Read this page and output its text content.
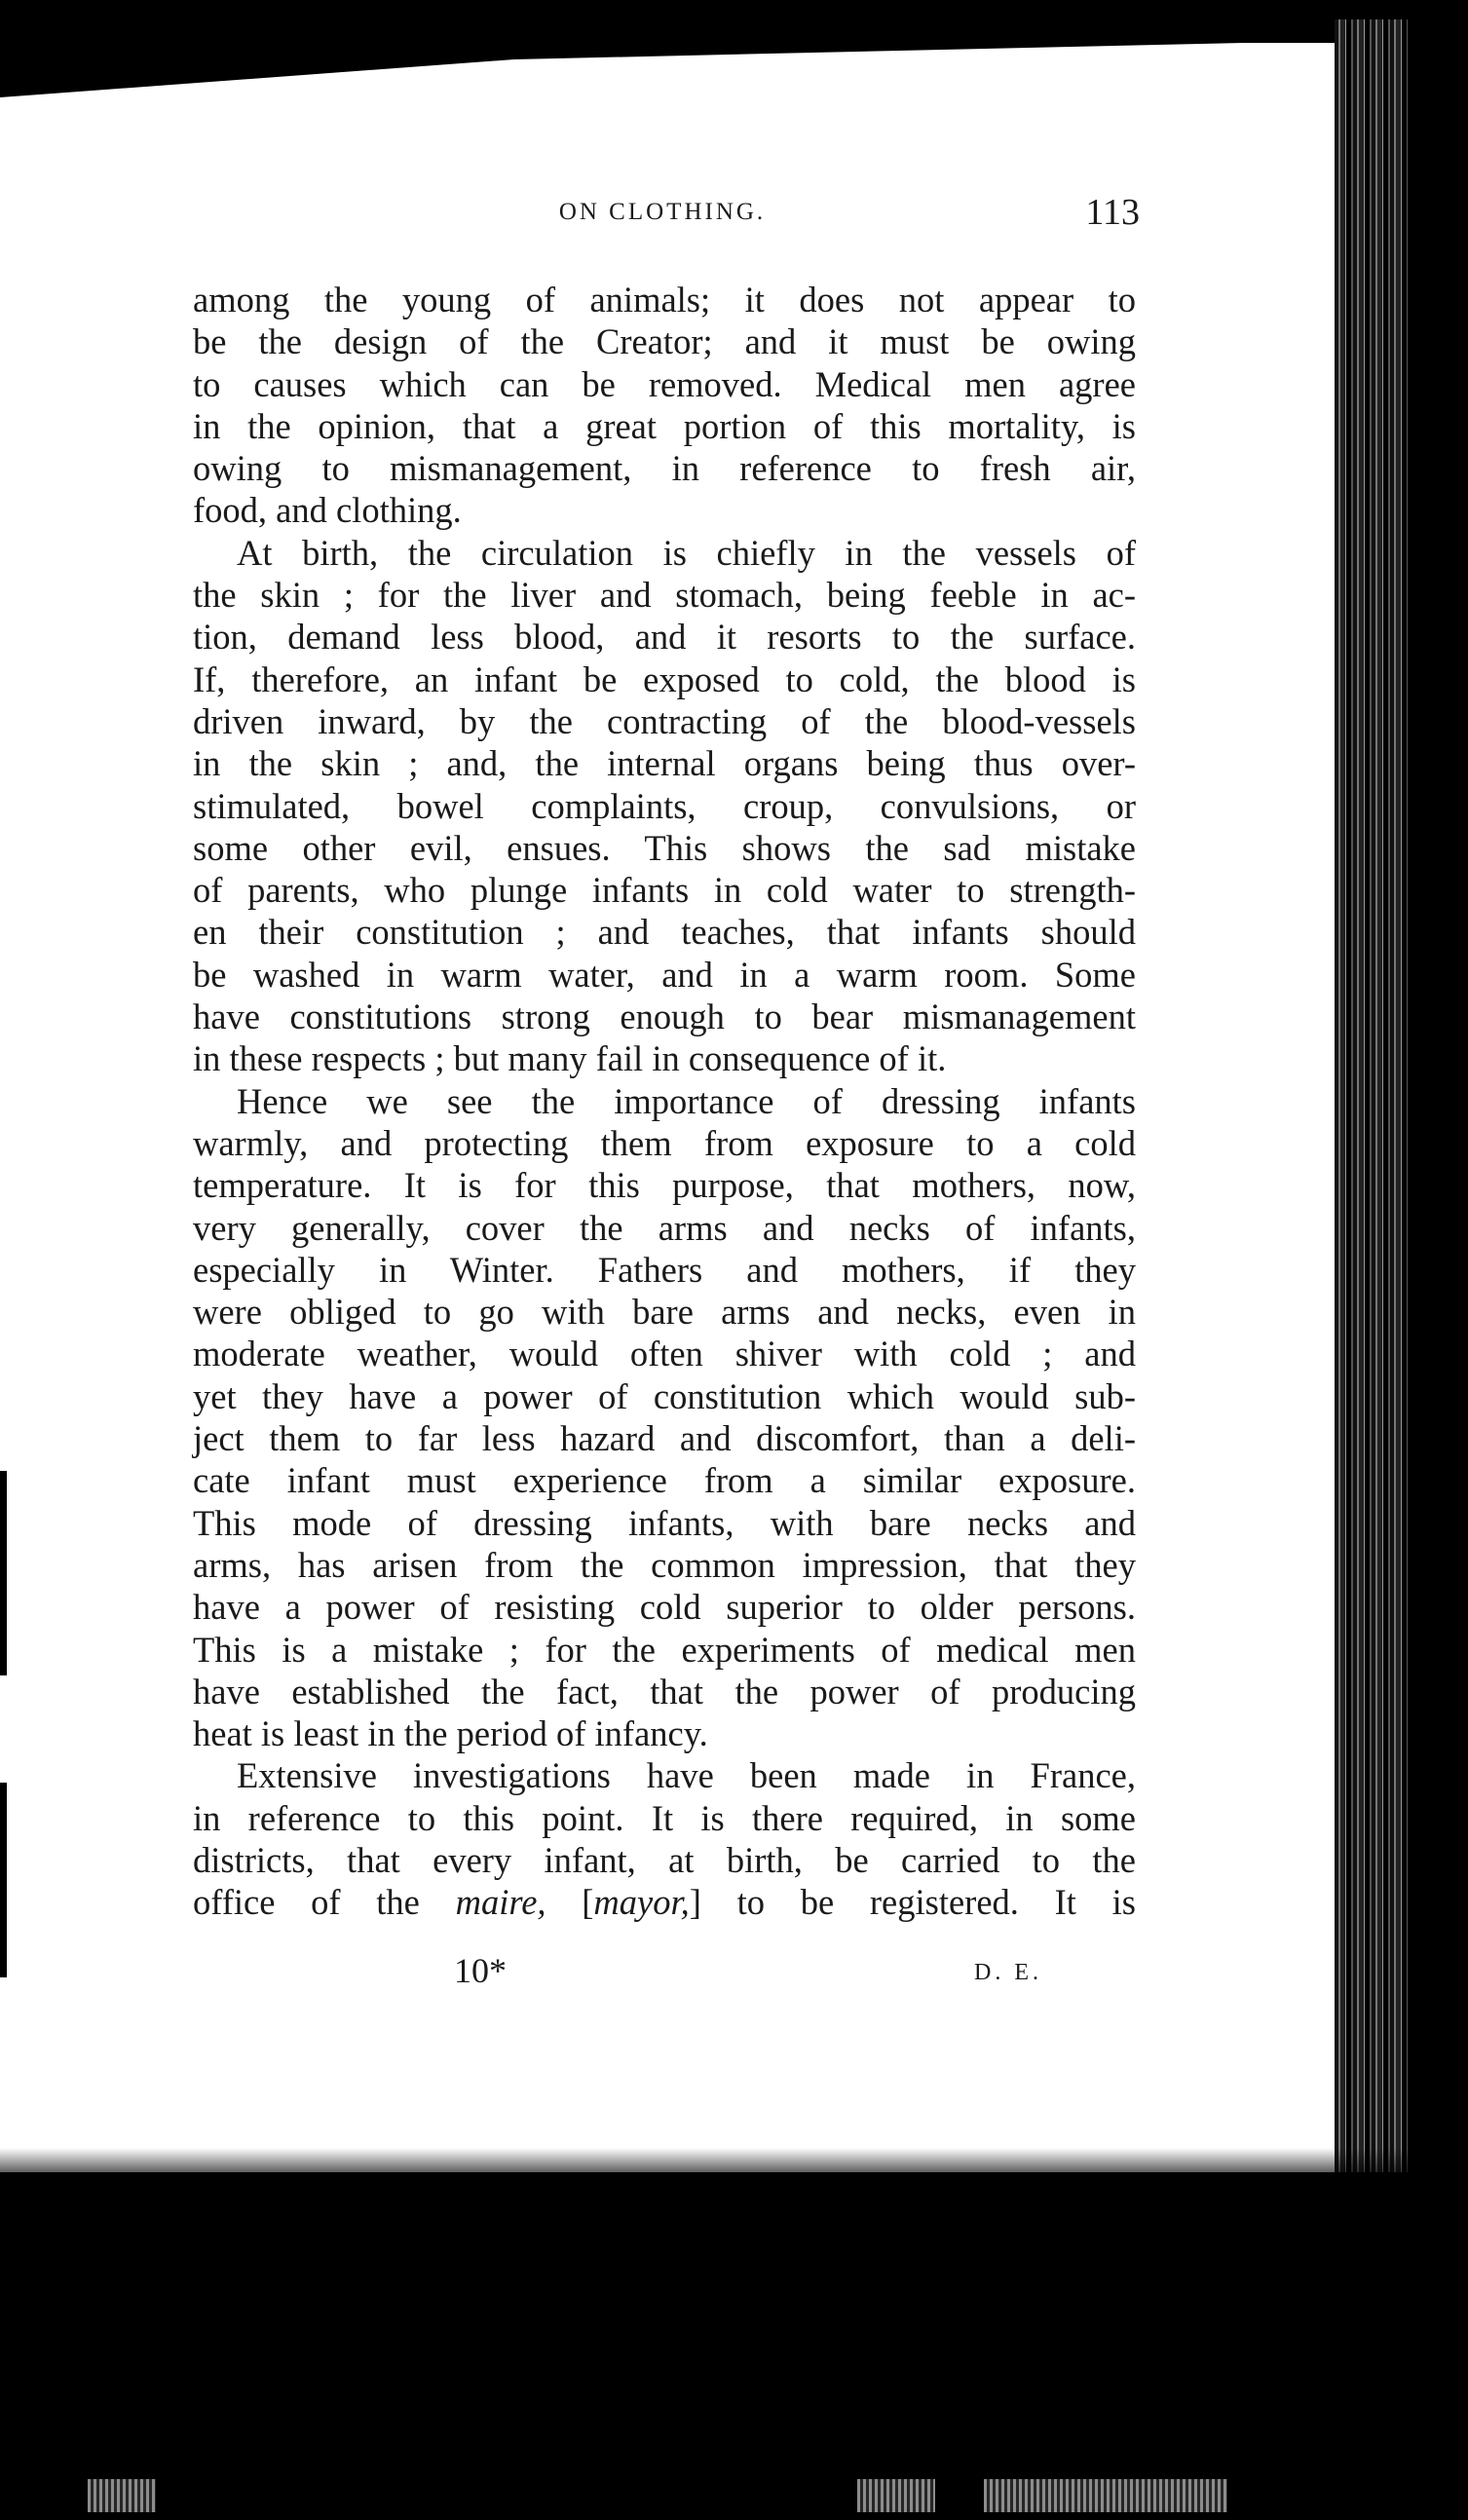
ON CLOTHING.	113
among the young of animals; it does not appear to
be the design of the Creator; and it must be owing
to causes which can be removed. Medical men agree
in the opinion, that a great portion of this mortality, is
owing to mismanagement, in reference to fresh air,
food, and clothing.
At birth, the circulation is chiefly in the vessels of
the skin ; for the liver and stomach, being feeble in ac-
tion, demand less blood, and it resorts to the surface.
If, therefore, an infant be exposed to cold, the blood is
driven inward, by the contracting of the blood-vessels
in the skin ; and, the internal organs being thus over-
stimulated, bowel complaints, croup, convulsions, or
some other evil, ensues. This shows the sad mistake
of parents, who plunge infants in cold water to strength-
en their constitution ; and teaches, that infants should
be washed in warm water, and in a warm room. Some
have constitutions strong enough to bear mismanagement
in these respects ; but many fail in consequence of it.
Hence we see the importance of dressing infants
warmly, and protecting them from exposure to a cold
temperature. It is for this purpose, that mothers, now,
very generally, cover the arms and necks of infants,
especially in Winter. Fathers and mothers, if they
were obliged to go with bare arms and necks, even in
moderate weather, would often shiver with cold ; and
yet they have a power of constitution which would sub-
ject them to far less hazard and discomfort, than a deli-
cate infant must experience from a similar exposure.
This mode of dressing infants, with bare necks and
arms, has arisen from the common impression, that they
have a power of resisting cold superior to older persons.
This is a mistake ; for the experiments of medical men
have established the fact, that the power of producing
heat is least in the period of infancy.
Extensive investigations have been made in France,
in reference to this point. It is there required, in some
districts, that every infant, at birth, be carried to the
office of the maire, [mayor,] to be registered. It is
10*	D. E.
